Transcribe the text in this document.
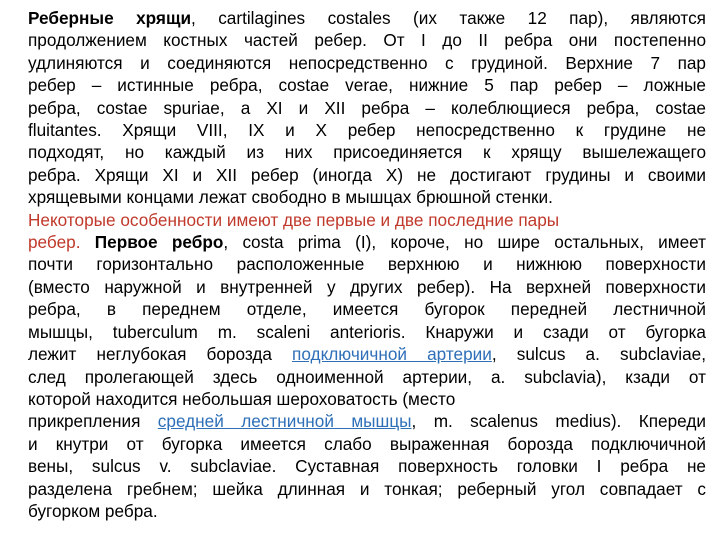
Реберные хрящи, cartilagines costales (их также 12 пар), являются
продолжением костных частей ребер. От I до II ребра они постепенно
удлиняются и соединяются непосредственно с грудиной. Верхние 7 пар
ребер – истинные ребра, costae verae, нижние 5 пар ребер – ложные
ребра, costae spuriae, а XI и XII ребра – колеблющиеся ребра, costae
fluitantes. Хрящи VIII, IX и X ребер непосредственно к грудине не
подходят, но каждый из них присоединяется к хрящу вышележащего
ребра. Хрящи XI и XII ребер (иногда X) не достигают грудины и своими
хрящевыми концами лежат свободно в мышцах брюшной стенки.
Некоторые особенности имеют две первые и две последние пары
ребер. Первое ребро, costa prima (I), короче, но шире остальных, имеет
почти горизонтально расположенные верхнюю и нижнюю поверхности
(вместо наружной и внутренней у других ребер). На верхней поверхности
ребра, в переднем отделе, имеется бугорок передней лестничной
мышцы, tuberculum m. scaleni anterioris. Кнаружи и сзади от бугорка
лежит неглубокая борозда подключичной артерии, sulcus a. subclaviae,
след пролегающей здесь одноименной артерии, a. subclavia), кзади от
которой находится небольшая шероховатость (место
прикрепления средней лестничной мышцы, m. scalenus medius). Кпереди
и кнутри от бугорка имеется слабо выраженная борозда подключичной
вены, sulcus v. subclaviae. Суставная поверхность головки I ребра не
разделена гребнем; шейка длинная и тонкая; реберный угол совпадает с
бугорком ребра.
